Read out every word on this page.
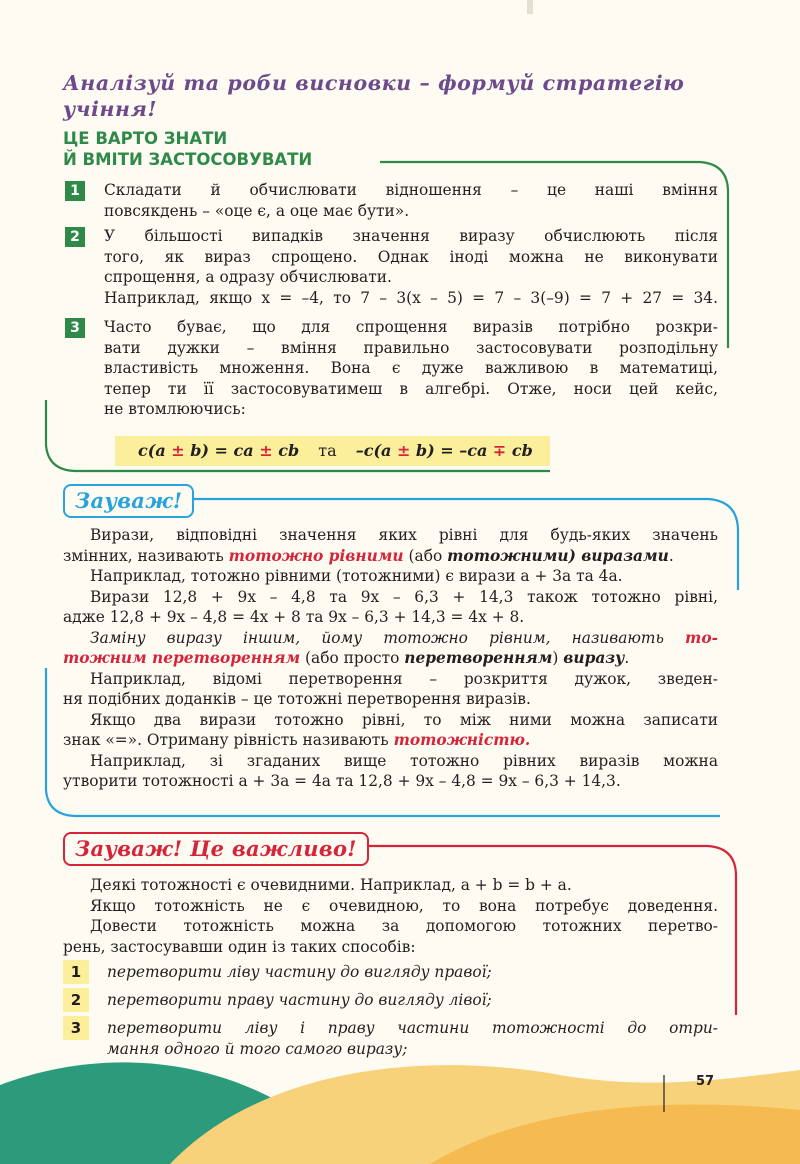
Аналізуй та роби висновки – формуй стратегію
учіння!
ЦЕ ВАРТО ЗНАТИ
Й ВМІТИ ЗАСТОСОВУВАТИ
1	Складати й обчислювати відношення – це наші вміння
повсякдень – «оце є, а оце має бути».
2	У більшості випадків значення виразу обчислюють після
того, як вираз спрощено. Однак іноді можна не виконувати
спрощення, а одразу обчислювати.
Наприклад, якщо x = –4, то 7 – 3(x – 5) = 7 – 3(–9) = 7 + 27 = 34.
3	Часто буває, що для спрощення виразів потрібно розкри-
вати дужки – вміння правильно застосовувати розподільну
властивість множення. Вона є дуже важливою в математиці,
тепер ти її застосовуватимеш в алгебрі. Отже, носи цей кейс,
не втомлюючись:
c(a ± b) = ca ± cb та –c(a ± b) = –ca ∓ cb
Зауваж!
Вирази, відповідні значення яких рівні для будь-яких значень
змінних, називають тотожно рівними (або тотожними) виразами.
Наприклад, тотожно рівними (тотожними) є вирази a + 3a та 4a.
Вирази 12,8 + 9x – 4,8 та 9x – 6,3 + 14,3 також тотожно рівні,
адже 12,8 + 9x – 4,8 = 4x + 8 та 9x – 6,3 + 14,3 = 4x + 8.
Заміну виразу іншим, йому тотожно рівним, називають то-
тожним перетворенням (або просто перетворенням) виразу.
Наприклад, відомі перетворення – розкриття дужок, зведен-
ня подібних доданків – це тотожні перетворення виразів.
Якщо два вирази тотожно рівні, то між ними можна записати
знак «=». Отриману рівність називають тотожністю.
Наприклад, зі згаданих вище тотожно рівних виразів можна
утворити тотожності a + 3a = 4a та 12,8 + 9x – 4,8 = 9x – 6,3 + 14,3.
Зауваж! Це важливо!
Деякі тотожності є очевидними. Наприклад, a + b = b + a.
Якщо тотожність не є очевидною, то вона потребує доведення.
Довести тотожність можна за допомогою тотожних перетво-
рень, застосувавши один із таких способів:
1	перетворити ліву частину до вигляду правої;
2	перетворити праву частину до вигляду лівої;
3	перетворити ліву і праву частини тотожності до отри-
мання одного й того самого виразу;
57
